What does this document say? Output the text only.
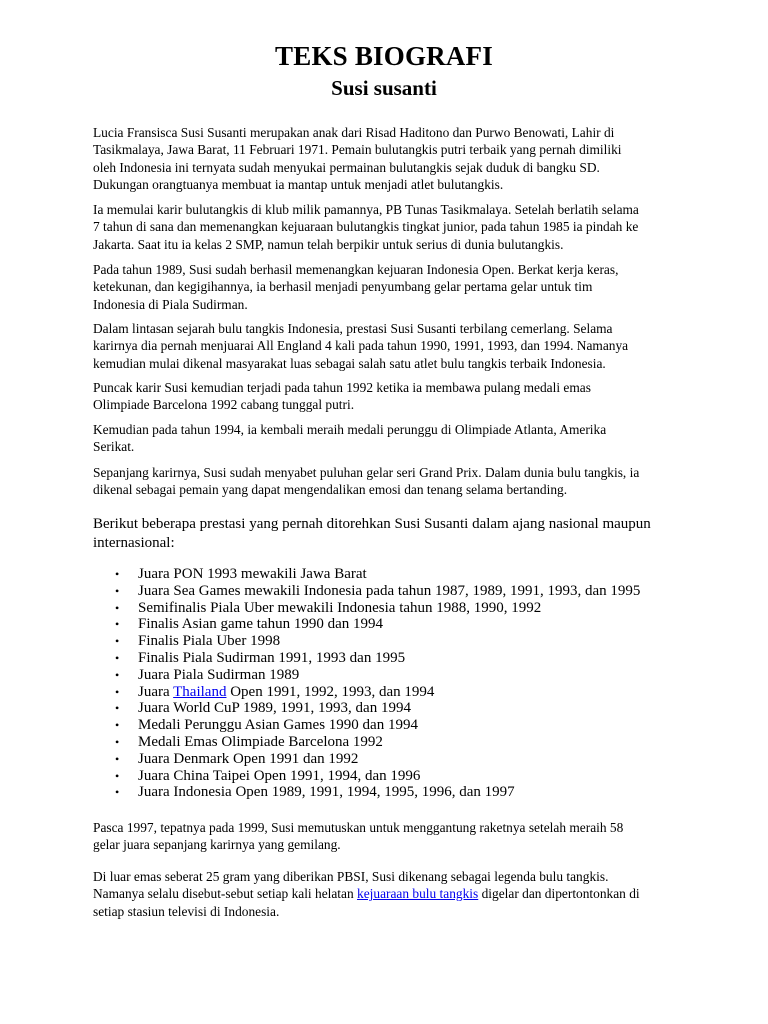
TEKS BIOGRAFI
Susi susanti

Lucia Fransisca Susi Susanti merupakan anak dari Risad Haditono dan Purwo Benowati, Lahir di
Tasikmalaya, Jawa Barat, 11 Februari 1971. Pemain bulutangkis putri terbaik yang pernah dimiliki
oleh Indonesia ini ternyata sudah menyukai permainan bulutangkis sejak duduk di bangku SD.
Dukungan orangtuanya membuat ia mantap untuk menjadi atlet bulutangkis.

Ia memulai karir bulutangkis di klub milik pamannya, PB Tunas Tasikmalaya. Setelah berlatih selama
7 tahun di sana dan memenangkan kejuaraan bulutangkis tingkat junior, pada tahun 1985 ia pindah ke
Jakarta. Saat itu ia kelas 2 SMP, namun telah berpikir untuk serius di dunia bulutangkis.

Pada tahun 1989, Susi sudah berhasil memenangkan kejuaran Indonesia Open. Berkat kerja keras,
ketekunan, dan kegigihannya, ia berhasil menjadi penyumbang gelar pertama gelar untuk tim
Indonesia di Piala Sudirman.

Dalam lintasan sejarah bulu tangkis Indonesia, prestasi Susi Susanti terbilang cemerlang. Selama
karirnya dia pernah menjuarai All England 4 kali pada tahun 1990, 1991, 1993, dan 1994. Namanya
kemudian mulai dikenal masyarakat luas sebagai salah satu atlet bulu tangkis terbaik Indonesia.

Puncak karir Susi kemudian terjadi pada tahun 1992 ketika ia membawa pulang medali emas
Olimpiade Barcelona 1992 cabang tunggal putri.

Kemudian pada tahun 1994, ia kembali meraih medali perunggu di Olimpiade Atlanta, Amerika
Serikat.

Sepanjang karirnya, Susi sudah menyabet puluhan gelar seri Grand Prix. Dalam dunia bulu tangkis, ia
dikenal sebagai pemain yang dapat mengendalikan emosi dan tenang selama bertanding.

Berikut beberapa prestasi yang pernah ditorehkan Susi Susanti dalam ajang nasional maupun
internasional:

• Juara PON 1993 mewakili Jawa Barat
• Juara Sea Games mewakili Indonesia pada tahun 1987, 1989, 1991, 1993, dan 1995
• Semifinalis Piala Uber mewakili Indonesia tahun 1988, 1990, 1992
• Finalis Asian game tahun 1990 dan 1994
• Finalis Piala Uber 1998
• Finalis Piala Sudirman 1991, 1993 dan 1995
• Juara Piala Sudirman 1989
• Juara Thailand Open 1991, 1992, 1993, dan 1994
• Juara World CuP 1989, 1991, 1993, dan 1994
• Medali Perunggu Asian Games 1990 dan 1994
• Medali Emas Olimpiade Barcelona 1992
• Juara Denmark Open 1991 dan 1992
• Juara China Taipei Open 1991, 1994, dan 1996
• Juara Indonesia Open 1989, 1991, 1994, 1995, 1996, dan 1997

Pasca 1997, tepatnya pada 1999, Susi memutuskan untuk menggantung raketnya setelah meraih 58
gelar juara sepanjang karirnya yang gemilang.

Di luar emas seberat 25 gram yang diberikan PBSI, Susi dikenang sebagai legenda bulu tangkis.
Namanya selalu disebut-sebut setiap kali helatan kejuaraan bulu tangkis digelar dan dipertontonkan di
setiap stasiun televisi di Indonesia.
